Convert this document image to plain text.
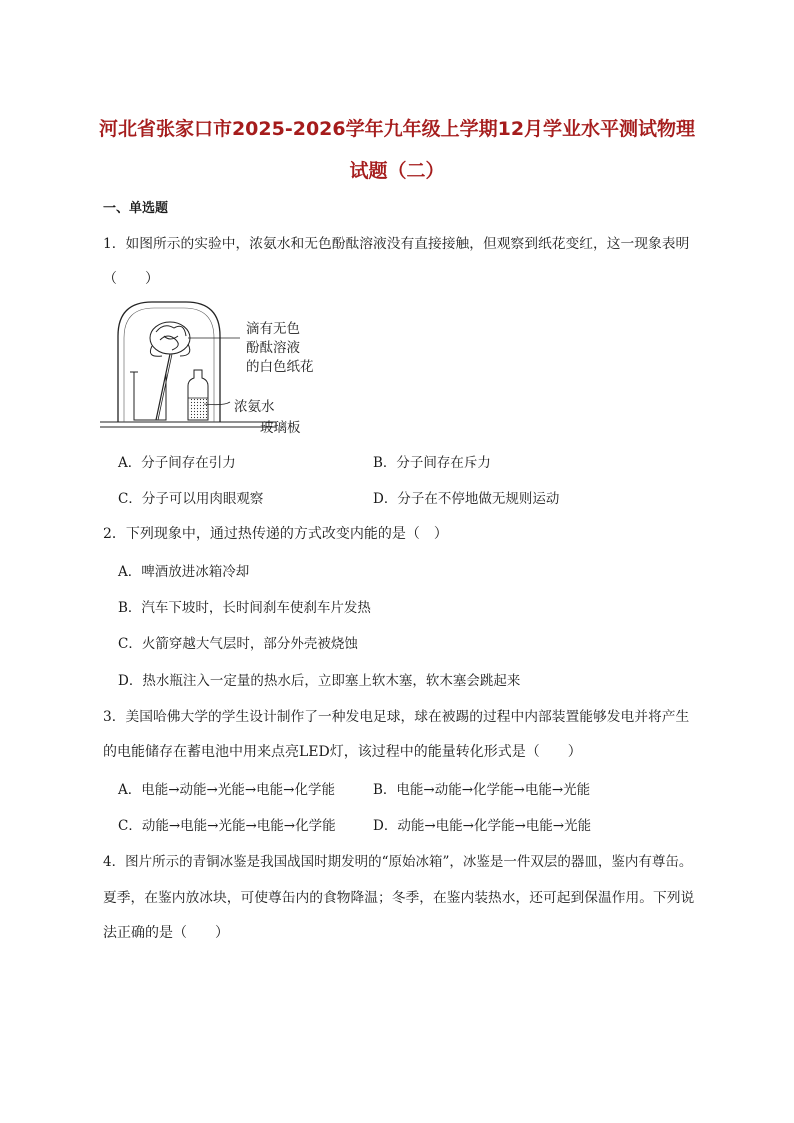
河北省张家口市2025-2026学年九年级上学期12月学业水平测试物理
试题（二）
一、单选题
1．如图所示的实验中，浓氨水和无色酚酞溶液没有直接接触，但观察到纸花变红，这一现象表明
（　　）
滴有无色
酚酞溶液
的白色纸花
浓氨水
玻璃板
A．分子间存在引力	B．分子间存在斥力
C．分子可以用肉眼观察	D．分子在不停地做无规则运动
2．下列现象中，通过热传递的方式改变内能的是（　）
A．啤酒放进冰箱冷却
B．汽车下坡时，长时间刹车使刹车片发热
C．火箭穿越大气层时，部分外壳被烧蚀
D．热水瓶注入一定量的热水后，立即塞上软木塞，软木塞会跳起来
3．美国哈佛大学的学生设计制作了一种发电足球，球在被踢的过程中内部装置能够发电并将产生
的电能储存在蓄电池中用来点亮LED灯，该过程中的能量转化形式是（　　）
A．电能→动能→光能→电能→化学能	B．电能→动能→化学能→电能→光能
C．动能→电能→光能→电能→化学能	D．动能→电能→化学能→电能→光能
4．图片所示的青铜冰鉴是我国战国时期发明的“原始冰箱”，冰鉴是一件双层的器皿，鉴内有尊缶。
夏季，在鉴内放冰块，可使尊缶内的食物降温；冬季，在鉴内装热水，还可起到保温作用。下列说
法正确的是（　　）
